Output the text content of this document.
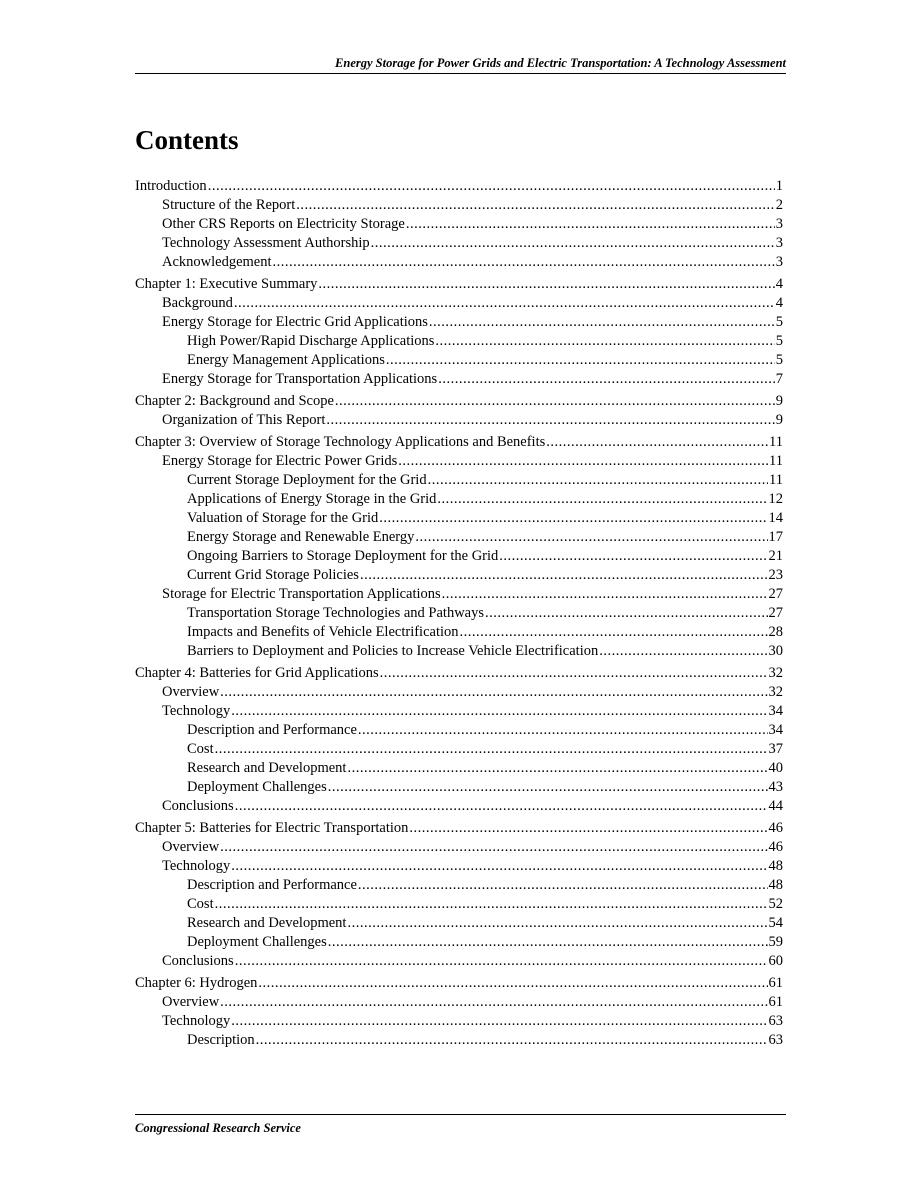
Energy Storage for Power Grids and Electric Transportation: A Technology Assessment
Contents
Introduction .....	1
Structure of the Report .....	2
Other CRS Reports on Electricity Storage .....	3
Technology Assessment Authorship .....	3
Acknowledgement .....	3
Chapter 1: Executive Summary .....	4
Background .....	4
Energy Storage for Electric Grid Applications .....	5
High Power/Rapid Discharge Applications .....	5
Energy Management Applications .....	5
Energy Storage for Transportation Applications .....	7
Chapter 2: Background and Scope .....	9
Organization of This Report .....	9
Chapter 3: Overview of Storage Technology Applications and Benefits .....	11
Energy Storage for Electric Power Grids .....	11
Current Storage Deployment for the Grid .....	11
Applications of Energy Storage in the Grid .....	12
Valuation of Storage for the Grid .....	14
Energy Storage and Renewable Energy .....	17
Ongoing Barriers to Storage Deployment for the Grid .....	21
Current Grid Storage Policies .....	23
Storage for Electric Transportation Applications .....	27
Transportation Storage Technologies and Pathways .....	27
Impacts and Benefits of Vehicle Electrification .....	28
Barriers to Deployment and Policies to Increase Vehicle Electrification .....	30
Chapter 4: Batteries for Grid Applications .....	32
Overview .....	32
Technology .....	34
Description and Performance .....	34
Cost .....	37
Research and Development .....	40
Deployment Challenges .....	43
Conclusions .....	44
Chapter 5: Batteries for Electric Transportation .....	46
Overview .....	46
Technology .....	48
Description and Performance .....	48
Cost .....	52
Research and Development .....	54
Deployment Challenges .....	59
Conclusions .....	60
Chapter 6: Hydrogen .....	61
Overview .....	61
Technology .....	63
Description .....	63
Congressional Research Service
